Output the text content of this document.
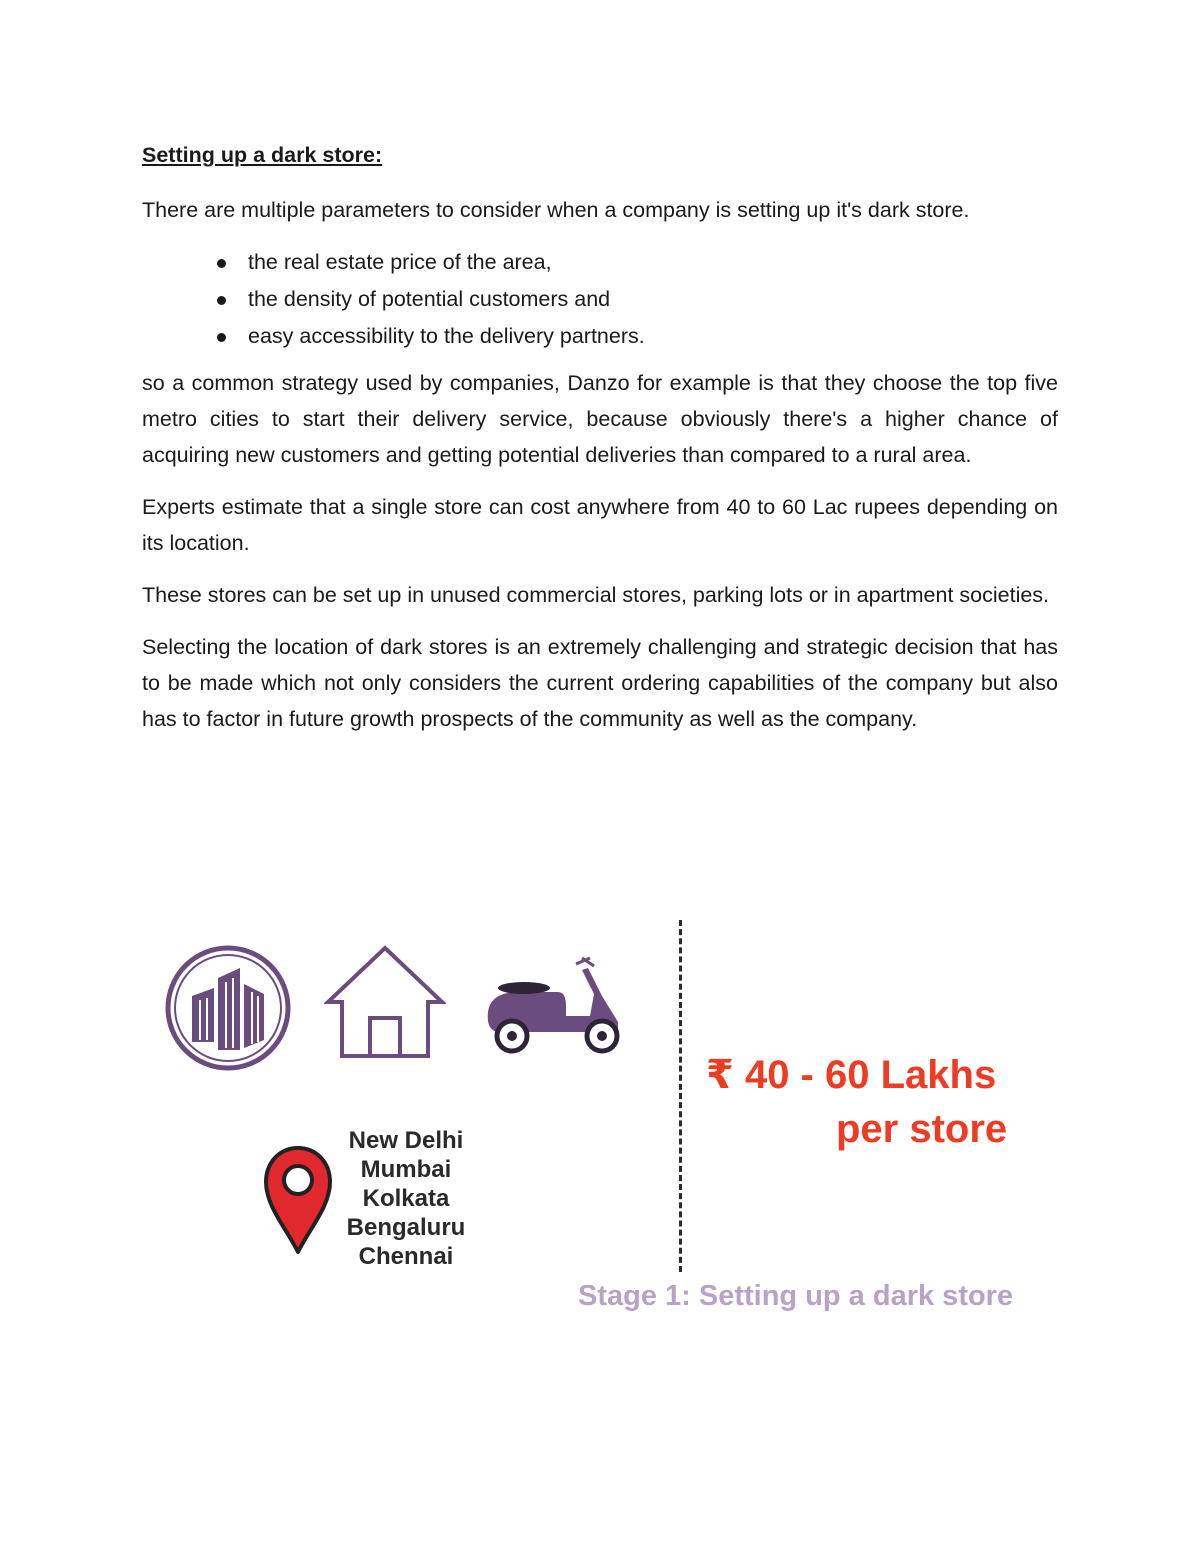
Setting up a dark store:

There are multiple parameters to consider when a company is setting up it's dark store.

the real estate price of the area,
the density of potential customers and
easy accessibility to the delivery partners.

so a common strategy used by companies, Danzo for example is that they choose the top five metro cities to start their delivery service, because obviously there's a higher chance of acquiring new customers and getting potential deliveries than compared to a rural area.

Experts estimate that a single store can cost anywhere from 40 to 60 Lac rupees depending on its location.

These stores can be set up in unused commercial stores, parking lots or in apartment societies.

Selecting the location of dark stores is an extremely challenging and strategic decision that has to be made which not only considers the current ordering capabilities of the company but also has to factor in future growth prospects of the community as well as the company.

New Delhi
Mumbai
Kolkata
Bengaluru
Chennai
₹ 40 - 60 Lakhs
per store
Stage 1: Setting up a dark store
